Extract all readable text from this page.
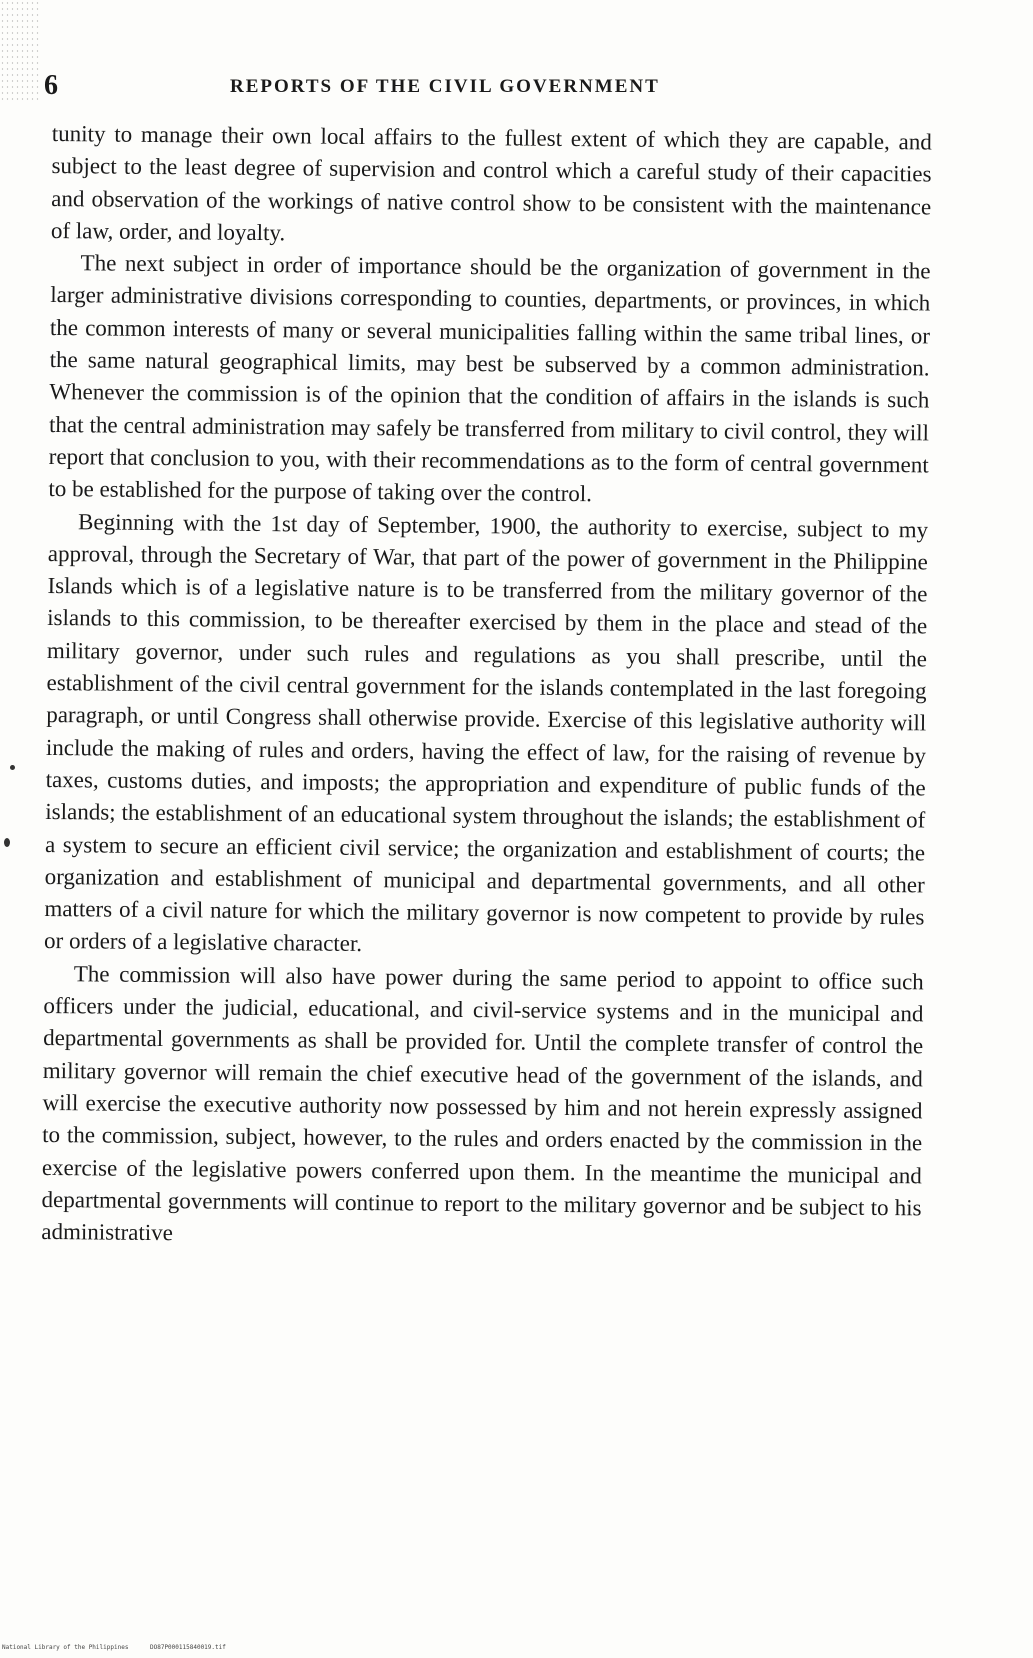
6	REPORTS OF THE CIVIL GOVERNMENT

tunity to manage their own local affairs to the fullest extent of which they are capable, and subject to the least degree of supervision and control which a careful study of their capacities and observation of the workings of native control show to be consistent with the maintenance of law, order, and loyalty.

The next subject in order of importance should be the organization of government in the larger administrative divisions corresponding to counties, departments, or provinces, in which the common interests of many or several municipalities falling within the same tribal lines, or the same natural geographical limits, may best be subserved by a common administration. Whenever the commission is of the opinion that the condition of affairs in the islands is such that the central administration may safely be transferred from military to civil control, they will report that conclusion to you, with their recommendations as to the form of central government to be established for the purpose of taking over the control.

Beginning with the 1st day of September, 1900, the authority to exercise, subject to my approval, through the Secretary of War, that part of the power of government in the Philippine Islands which is of a legislative nature is to be transferred from the military governor of the islands to this commission, to be thereafter exercised by them in the place and stead of the military governor, under such rules and regulations as you shall prescribe, until the establishment of the civil central government for the islands contemplated in the last foregoing paragraph, or until Congress shall otherwise provide. Exercise of this legislative authority will include the making of rules and orders, having the effect of law, for the raising of revenue by taxes, customs duties, and imposts; the appropriation and expenditure of public funds of the islands; the establishment of an educational system throughout the islands; the establishment of a system to secure an efficient civil service; the organization and establishment of courts; the organization and establishment of municipal and departmental governments, and all other matters of a civil nature for which the military governor is now competent to provide by rules or orders of a legislative character.

The commission will also have power during the same period to appoint to office such officers under the judicial, educational, and civil-service systems and in the municipal and departmental governments as shall be provided for. Until the complete transfer of control the military governor will remain the chief executive head of the government of the islands, and will exercise the executive authority now possessed by him and not herein expressly assigned to the commission, subject, however, to the rules and orders enacted by the commission in the exercise of the legislative powers conferred upon them. In the meantime the municipal and departmental governments will continue to report to the military governor and be subject to his administrative

National Library of the Philippines	DO87P000115840019.tif
